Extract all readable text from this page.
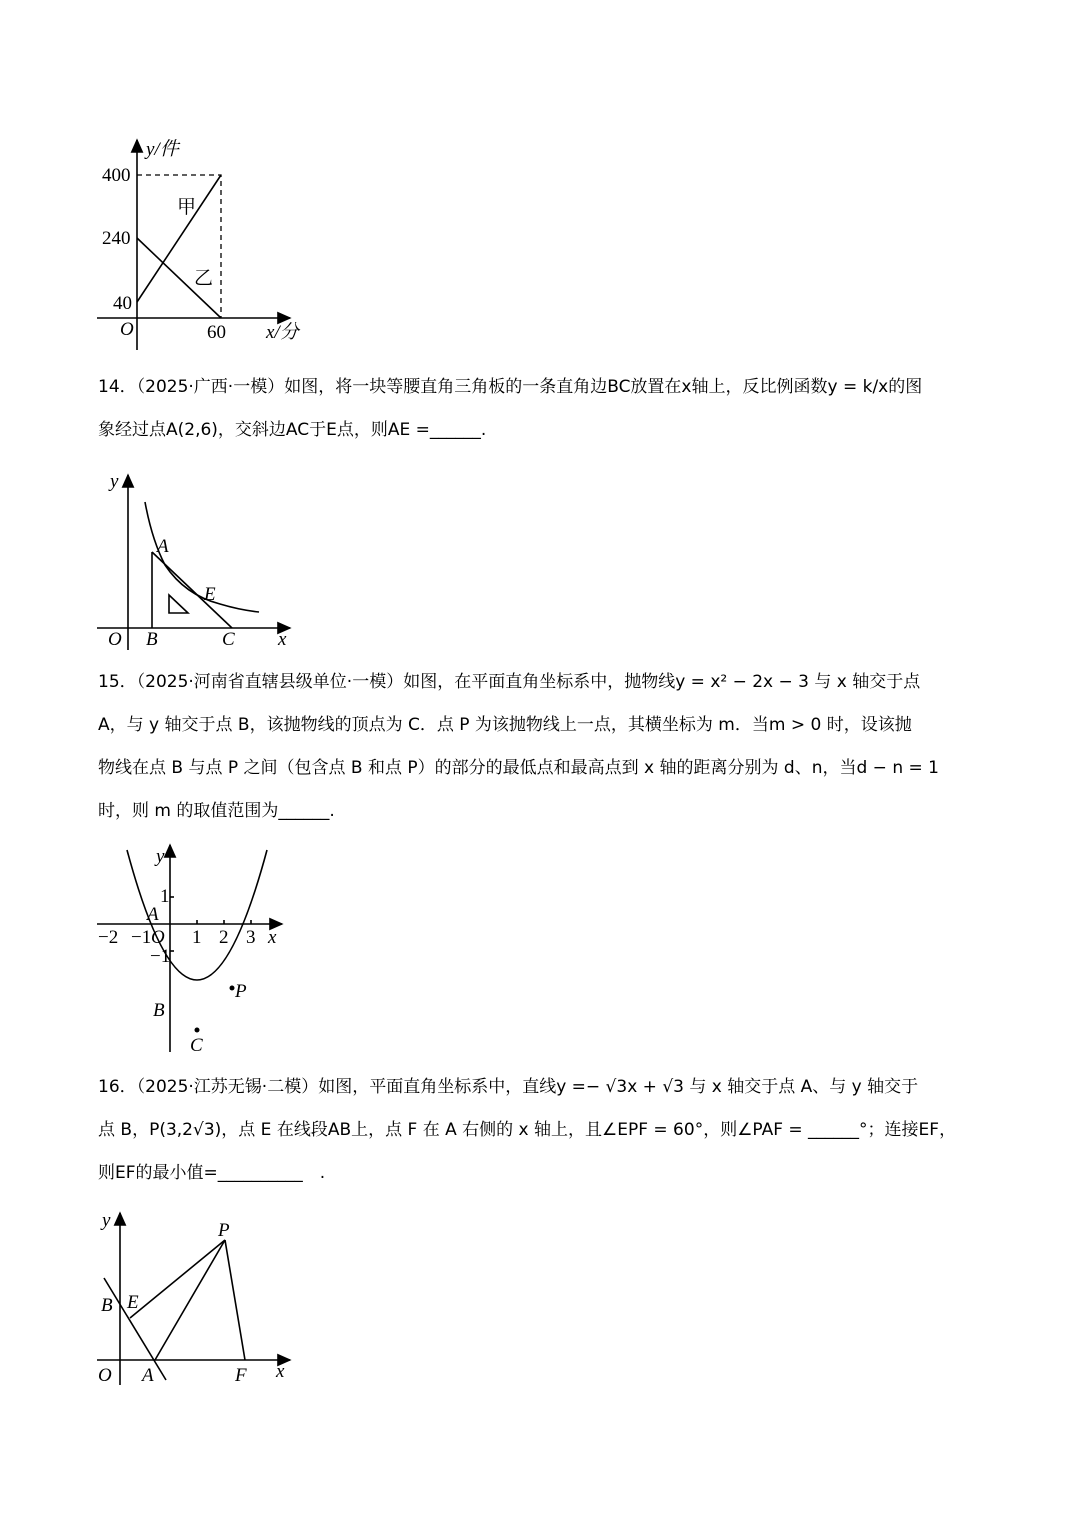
y/件
400
240
40
O	60 x/分
甲
乙
y
O B	C x
A
E
y
1
−1
−2 −1 O 1 2 3 x
A
B
C
P
y	P
B E
O A	F x

14．（2025·广西·一模）如图，将一块等腰直角三角板的一条直角边BC放置在x轴上，反比例函数y = k/x的图

象经过点A(2,6)，交斜边AC于E点，则AE =______.

15．（2025·河南省直辖县级单位·一模）如图，在平面直角坐标系中，抛物线y = x² − 2x − 3 与 x 轴交于点

A，与 y 轴交于点 B，该抛物线的顶点为 C．点 P 为该抛物线上一点，其横坐标为 m．当m > 0 时，设该抛

物线在点 B 与点 P 之间（包含点 B 和点 P）的部分的最低点和最高点到 x 轴的距离分别为 d、n，当d − n = 1

时，则 m 的取值范围为______.

16．（2025·江苏无锡·二模）如图，平面直角坐标系中，直线y =− √3x + √3 与 x 轴交于点 A、与 y 轴交于

点 B，P(3,2√3)，点 E 在线段AB上，点 F 在 A 右侧的 x 轴上，且∠EPF = 60°，则∠PAF = ______°；连接EF，

则EF的最小值=__________　.
